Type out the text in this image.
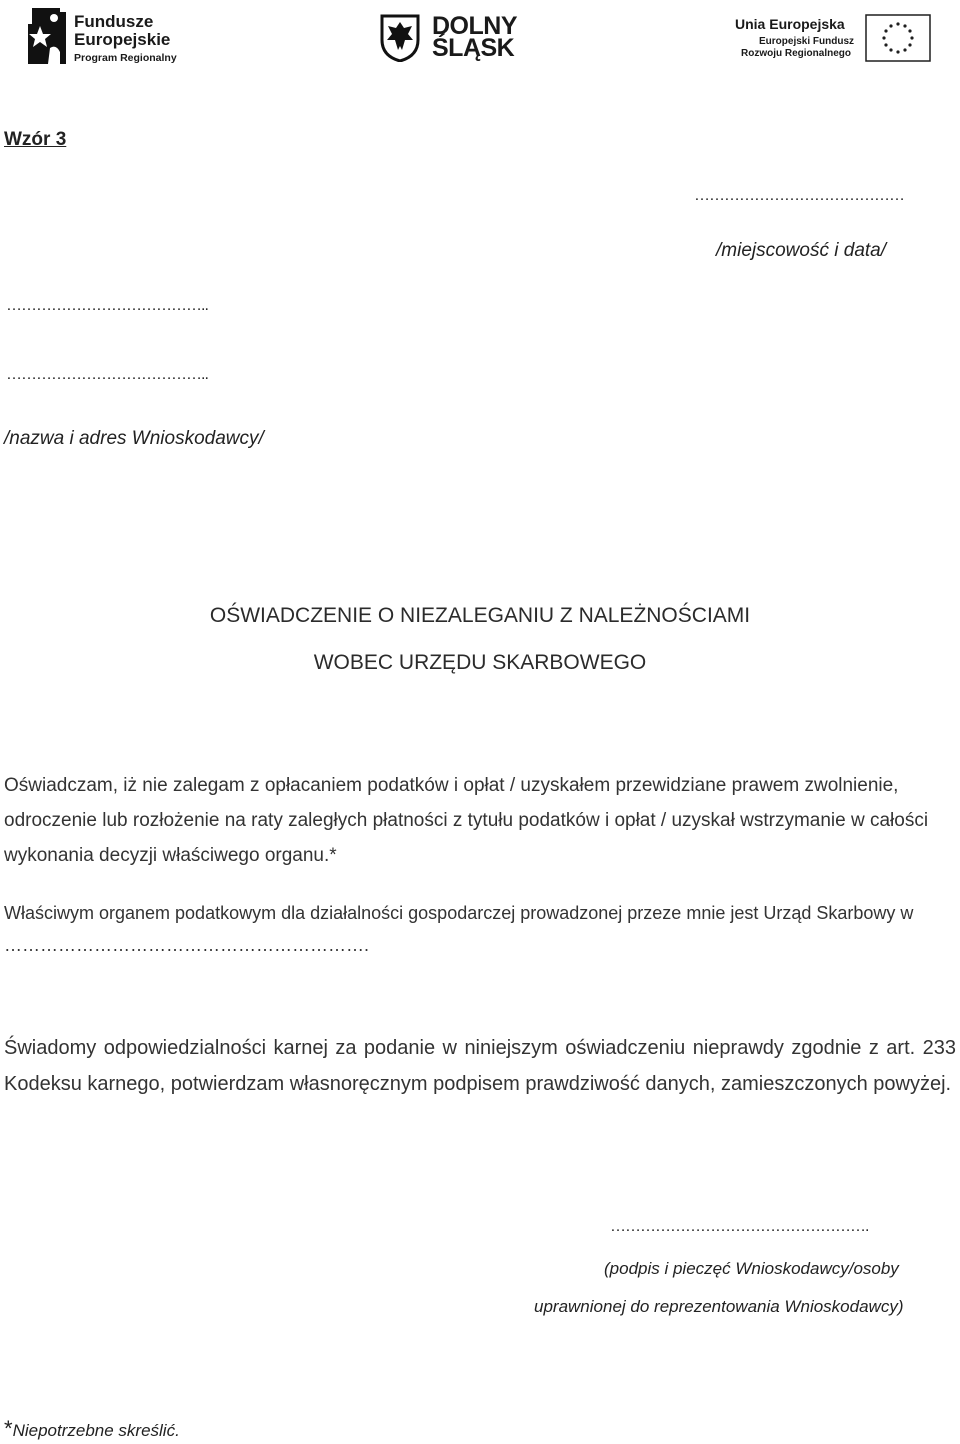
Fundusze
Europejskie
Program Regionalny
DOLNY
ŚLĄSK
Unia Europejska
Europejski Fundusz
Rozwoju Regionalnego
Wzór 3
……………………………………
/miejscowość i data/
…………………………………..
…………………………………..
/nazwa i adres Wnioskodawcy/
OŚWIADCZENIE O NIEZALEGANIU Z NALEŻNOŚCIAMI
WOBEC URZĘDU SKARBOWEGO
Oświadczam, iż nie zalegam z opłacaniem podatków i opłat / uzyskałem przewidziane prawem zwolnienie, odroczenie lub rozłożenie na raty zaległych płatności z tytułu podatków i opłat / uzyskał wstrzymanie w całości wykonania decyzji właściwego organu.*
Właściwym organem podatkowym dla działalności gospodarczej prowadzonej przeze mnie jest Urząd Skarbowy w …………………………………………………….
Świadomy odpowiedzialności karnej za podanie w niniejszym oświadczeniu nieprawdy zgodnie z art. 233 Kodeksu karnego, potwierdzam własnoręcznym podpisem prawdziwość danych, zamieszczonych powyżej.
…………………………………………….
(podpis i pieczęć Wnioskodawcy/osoby
uprawnionej do reprezentowania Wnioskodawcy)
*Niepotrzebne skreślić.
